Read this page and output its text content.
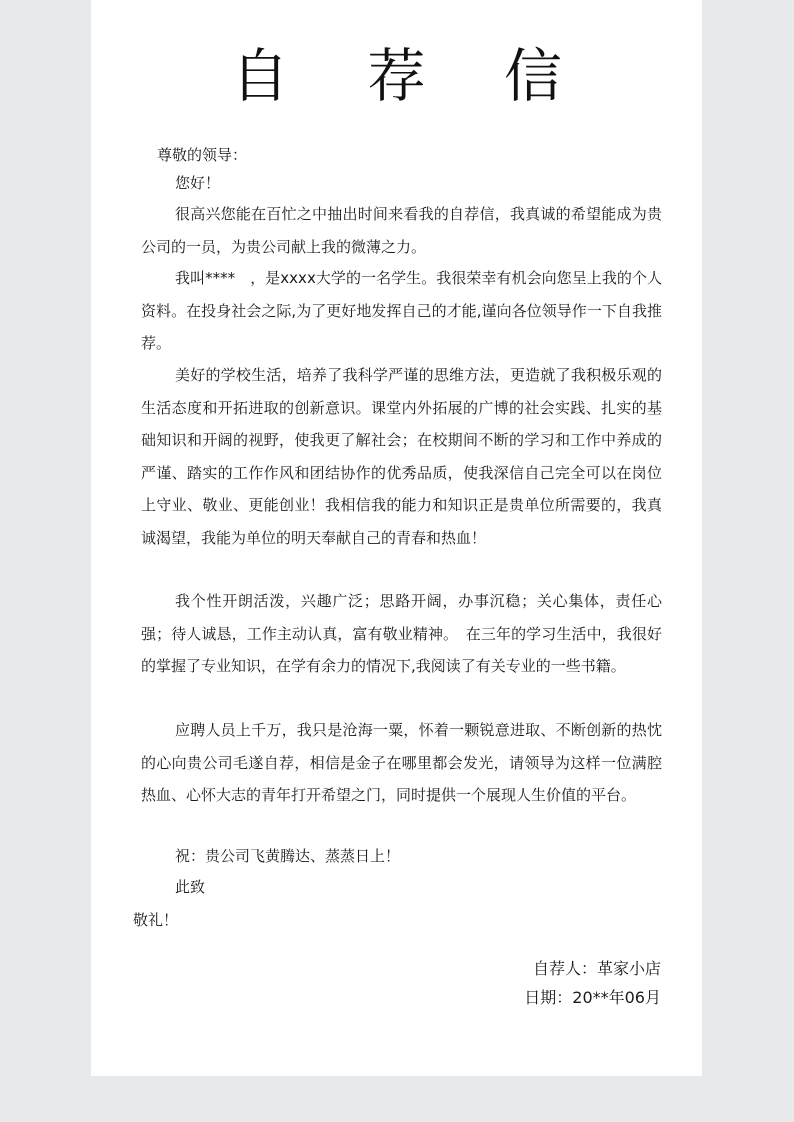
自 荐 信

尊敬的领导：

您好！

很高兴您能在百忙之中抽出时间来看我的自荐信，我真诚的希望能成为贵公司的一员，为贵公司献上我的微薄之力。

我叫****　，是xxxx大学的一名学生。我很荣幸有机会向您呈上我的个人资料。在投身社会之际,为了更好地发挥自己的才能,谨向各位领导作一下自我推荐。

美好的学校生活，培养了我科学严谨的思维方法，更造就了我积极乐观的生活态度和开拓进取的创新意识。课堂内外拓展的广博的社会实践、扎实的基础知识和开阔的视野，使我更了解社会；在校期间不断的学习和工作中养成的严谨、踏实的工作作风和团结协作的优秀品质，使我深信自己完全可以在岗位上守业、敬业、更能创业！我相信我的能力和知识正是贵单位所需要的，我真诚渴望，我能为单位的明天奉献自己的青春和热血！

我个性开朗活泼，兴趣广泛；思路开阔，办事沉稳；关心集体，责任心强；待人诚恳，工作主动认真，富有敬业精神。　在三年的学习生活中，我很好的掌握了专业知识，在学有余力的情况下,我阅读了有关专业的一些书籍。

应聘人员上千万，我只是沧海一粟，怀着一颗锐意进取、不断创新的热忱的心向贵公司毛遂自荐，相信是金子在哪里都会发光，请领导为这样一位满腔热血、心怀大志的青年打开希望之门，同时提供一个展现人生价值的平台。

祝：贵公司飞黄腾达、蒸蒸日上！

此致

敬礼！

自荐人：革家小店

日期：20**年06月
